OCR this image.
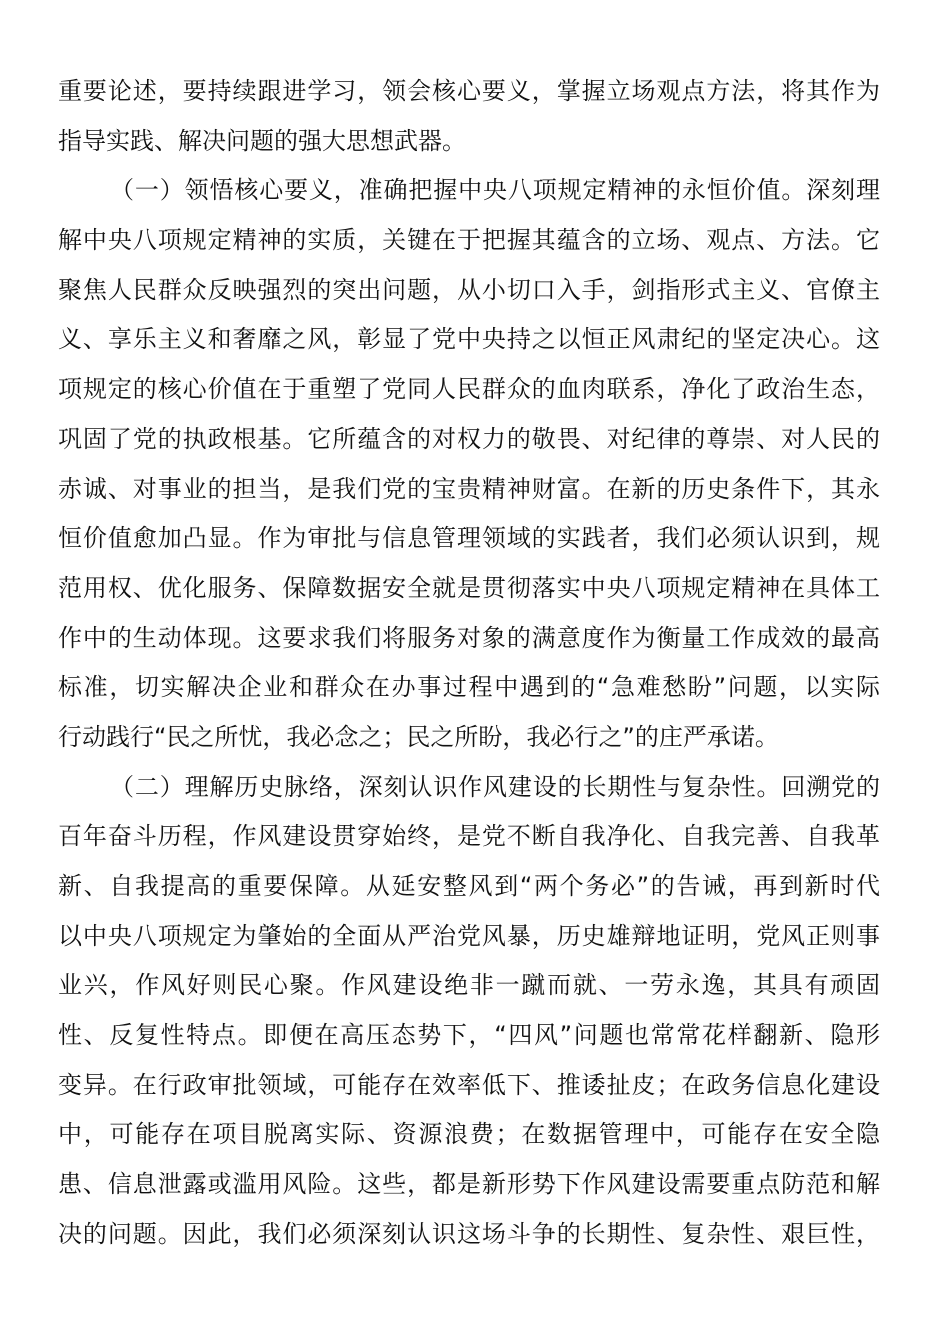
重要论述，要持续跟进学习，领会核心要义，掌握立场观点方法，将其作为
指导实践、解决问题的强大思想武器。
（一）领悟核心要义，准确把握中央八项规定精神的永恒价值。深刻理
解中央八项规定精神的实质，关键在于把握其蕴含的立场、观点、方法。它
聚焦人民群众反映强烈的突出问题，从小切口入手，剑指形式主义、官僚主
义、享乐主义和奢靡之风，彰显了党中央持之以恒正风肃纪的坚定决心。这
项规定的核心价值在于重塑了党同人民群众的血肉联系，净化了政治生态，
巩固了党的执政根基。它所蕴含的对权力的敬畏、对纪律的尊崇、对人民的
赤诚、对事业的担当，是我们党的宝贵精神财富。在新的历史条件下，其永
恒价值愈加凸显。作为审批与信息管理领域的实践者，我们必须认识到，规
范用权、优化服务、保障数据安全就是贯彻落实中央八项规定精神在具体工
作中的生动体现。这要求我们将服务对象的满意度作为衡量工作成效的最高
标准，切实解决企业和群众在办事过程中遇到的“急难愁盼”问题，以实际
行动践行“民之所忧，我必念之；民之所盼，我必行之”的庄严承诺。
（二）理解历史脉络，深刻认识作风建设的长期性与复杂性。回溯党的
百年奋斗历程，作风建设贯穿始终，是党不断自我净化、自我完善、自我革
新、自我提高的重要保障。从延安整风到“两个务必”的告诫，再到新时代
以中央八项规定为肇始的全面从严治党风暴，历史雄辩地证明，党风正则事
业兴，作风好则民心聚。作风建设绝非一蹴而就、一劳永逸，其具有顽固
性、反复性特点。即便在高压态势下，“四风”问题也常常花样翻新、隐形
变异。在行政审批领域，可能存在效率低下、推诿扯皮；在政务信息化建设
中，可能存在项目脱离实际、资源浪费；在数据管理中，可能存在安全隐
患、信息泄露或滥用风险。这些，都是新形势下作风建设需要重点防范和解
决的问题。因此，我们必须深刻认识这场斗争的长期性、复杂性、艰巨性，
